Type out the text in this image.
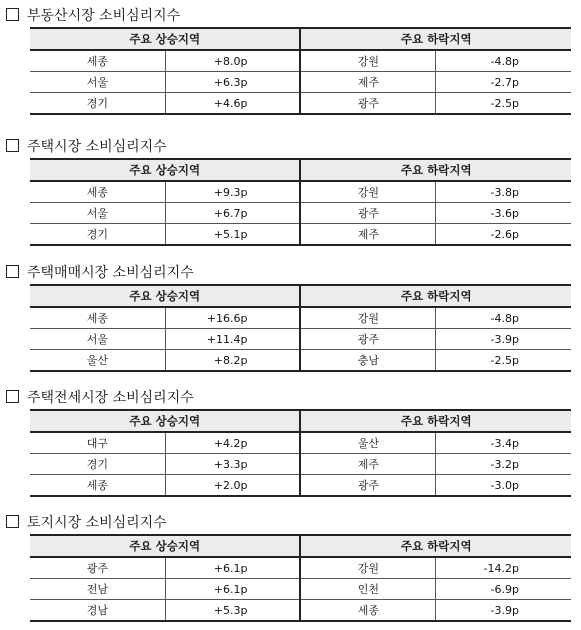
부동산시장 소비심리지수
주요 상승지역		주요 하락지역	
세종	+8.0p	강원	-4.8p
서울	+6.3p	제주	-2.7p
경기	+4.6p	광주	-2.5p
주택시장 소비심리지수
주요 상승지역		주요 하락지역	
세종	+9.3p	강원	-3.8p
서울	+6.7p	광주	-3.6p
경기	+5.1p	제주	-2.6p
주택매매시장 소비심리지수
주요 상승지역		주요 하락지역	
세종	+16.6p	강원	-4.8p
서울	+11.4p	광주	-3.9p
울산	+8.2p	충남	-2.5p
주택전세시장 소비심리지수
주요 상승지역		주요 하락지역	
대구	+4.2p	울산	-3.4p
경기	+3.3p	제주	-3.2p
세종	+2.0p	광주	-3.0p
토지시장 소비심리지수
주요 상승지역		주요 하락지역	
광주	+6.1p	강원	-14.2p
전남	+6.1p	인천	-6.9p
경남	+5.3p	세종	-3.9p
